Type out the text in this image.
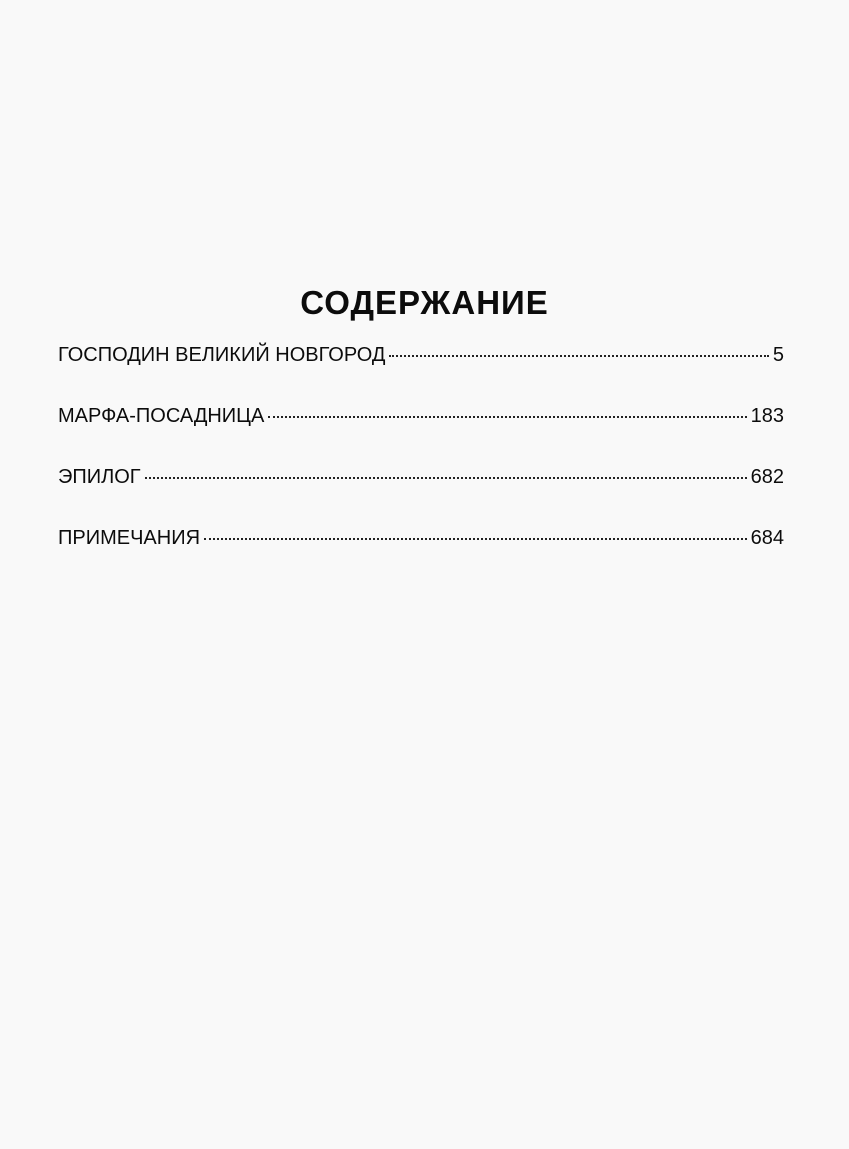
СОДЕРЖАНИЕ
ГОСПОДИН ВЕЛИКИЙ НОВГОРОД	5
МАРФА-ПОСАДНИЦА	183
ЭПИЛОГ	682
ПРИМЕЧАНИЯ	684
